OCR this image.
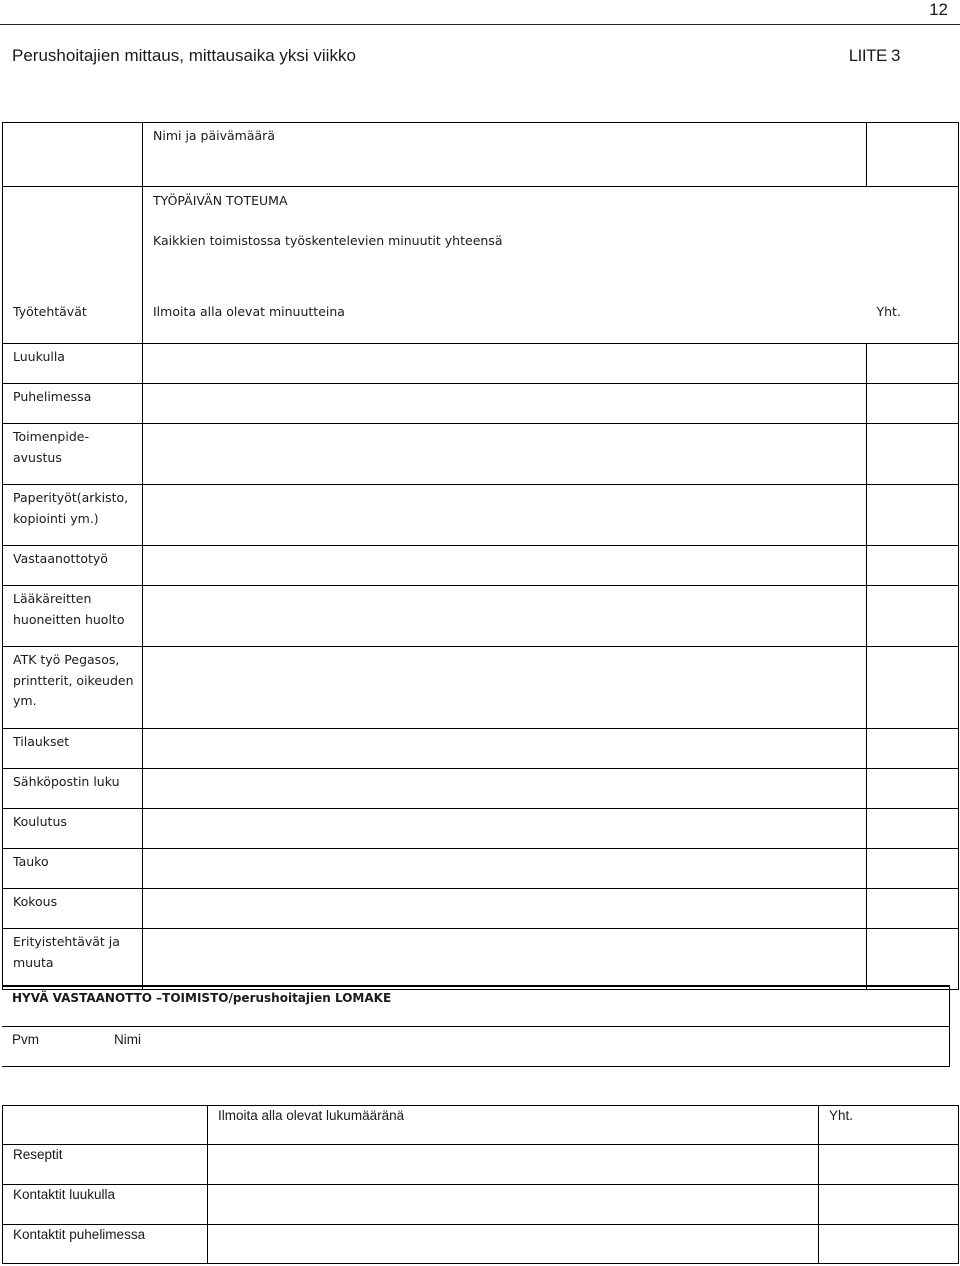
12
Perushoitajien mittaus, mittausaika yksi viikko	LIITE 3

	Nimi ja päivämäärä	

	TYÖPÄIVÄN TOTEUMA
Kaikkien toimistossa työskentelevien minuutit yhteensä	

Työtehtävät	Ilmoita alla olevat minuutteina	Yht.

Luukulla		

Puhelimessa		

Toimenpide-
avustus		

Paperityöt(arkisto,
kopiointi ym.)		

Vastaanottotyö		

Lääkäreitten
huoneitten huolto		

ATK työ Pegasos,
printterit, oikeuden
ym.		

Tilaukset		

Sähköpostin luku		

Koulutus		

Tauko		

Kokous		

Erityistehtävät ja
muuta		

HYVÄ VASTAANOTTO –TOIMISTO/perushoitajien LOMAKE

Pvm	Nimi

	Ilmoita alla olevat lukumääränä	Yht.

Reseptit		

Kontaktit luukulla		

Kontaktit puhelimessa		
